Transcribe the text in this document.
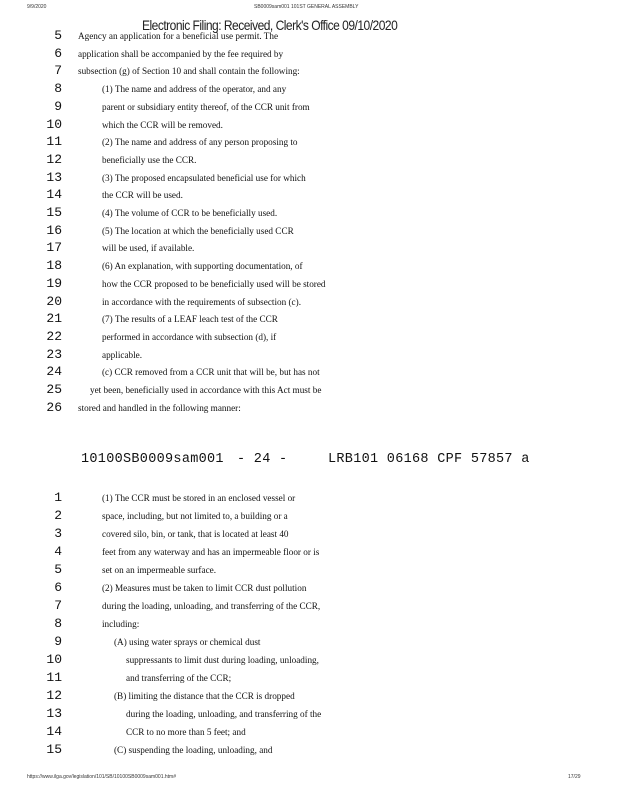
9/9/2020	SB0009sam001 101ST GENERAL ASSEMBLY
Electronic Filing: Received, Clerk's Office 09/10/2020
5 Agency an application for a beneficial use permit. The
6 application shall be accompanied by the fee required by
7 subsection (g) of Section 10 and shall contain the following:
8	(1) The name and address of the operator, and any
9	parent or subsidiary entity thereof, of the CCR unit from
10	which the CCR will be removed.
11	(2) The name and address of any person proposing to
12	beneficially use the CCR.
13	(3) The proposed encapsulated beneficial use for which
14	the CCR will be used.
15	(4) The volume of CCR to be beneficially used.
16	(5) The location at which the beneficially used CCR
17	will be used, if available.
18	(6) An explanation, with supporting documentation, of
19	how the CCR proposed to be beneficially used will be stored
20	in accordance with the requirements of subsection (c).
21	(7) The results of a LEAF leach test of the CCR
22	performed in accordance with subsection (d), if
23	applicable.
24	(c) CCR removed from a CCR unit that will be, but has not
25	yet been, beneficially used in accordance with this Act must be
26 stored and handled in the following manner:
10100SB0009sam001 - 24 -	LRB101 06168 CPF 57857 a
1	(1) The CCR must be stored in an enclosed vessel or
2	space, including, but not limited to, a building or a
3	covered silo, bin, or tank, that is located at least 40
4	feet from any waterway and has an impermeable floor or is
5	set on an impermeable surface.
6	(2) Measures must be taken to limit CCR dust pollution
7	during the loading, unloading, and transferring of the CCR,
8	including:
9	(A) using water sprays or chemical dust
10	suppressants to limit dust during loading, unloading,
11	and transferring of the CCR;
12	(B) limiting the distance that the CCR is dropped
13	during the loading, unloading, and transferring of the
14	CCR to no more than 5 feet; and
15	(C) suspending the loading, unloading, and
https://www.ilga.gov/legislation/101/SB/10100SB0009sam001.htm#	17/29
